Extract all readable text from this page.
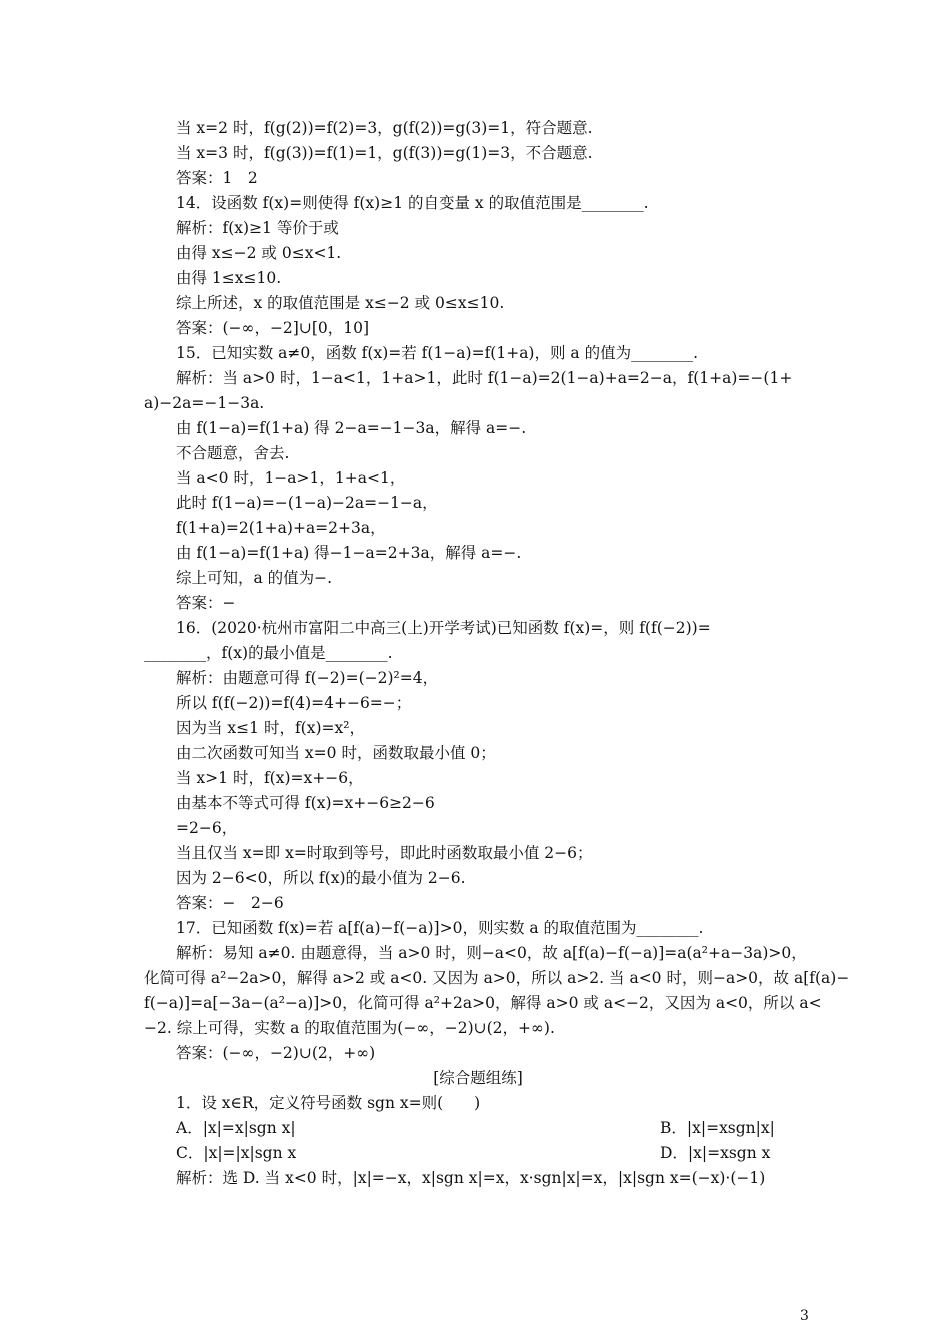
当 x=2 时，f(g(2))=f(2)=3，g(f(2))=g(3)=1，符合题意.
当 x=3 时，f(g(3))=f(1)=1，g(f(3))=g(1)=3，不合题意.
答案：1　2
14．设函数 f(x)=则使得 f(x)≥1 的自变量 x 的取值范围是________.
解析：f(x)≥1 等价于或
由得 x≤−2 或 0≤x<1.
由得 1≤x≤10.
综上所述，x 的取值范围是 x≤−2 或 0≤x≤10.
答案：(−∞，−2]∪[0，10]
15．已知实数 a≠0，函数 f(x)=若 f(1−a)=f(1+a)，则 a 的值为________.
解析：当 a>0 时，1−a<1，1+a>1，此时 f(1−a)=2(1−a)+a=2−a，f(1+a)=−(1+
a)−2a=−1−3a.
由 f(1−a)=f(1+a) 得 2−a=−1−3a，解得 a=−.
不合题意，舍去.
当 a<0 时，1−a>1，1+a<1，
此时 f(1−a)=−(1−a)−2a=−1−a，
f(1+a)=2(1+a)+a=2+3a，
由 f(1−a)=f(1+a) 得−1−a=2+3a，解得 a=−.
综上可知，a 的值为−.
答案：−
16．(2020·杭州市富阳二中高三(上)开学考试)已知函数 f(x)=，则 f(f(−2))=
________，f(x)的最小值是________.
解析：由题意可得 f(−2)=(−2)²=4，
所以 f(f(−2))=f(4)=4+−6=−；
因为当 x≤1 时，f(x)=x²，
由二次函数可知当 x=0 时，函数取最小值 0；
当 x>1 时，f(x)=x+−6，
由基本不等式可得 f(x)=x+−6≥2−6
=2−6，
当且仅当 x=即 x=时取到等号，即此时函数取最小值 2−6；
因为 2−6<0，所以 f(x)的最小值为 2−6.
答案：−　2−6
17．已知函数 f(x)=若 a[f(a)−f(−a)]>0，则实数 a 的取值范围为________.
解析：易知 a≠0. 由题意得，当 a>0 时，则−a<0，故 a[f(a)−f(−a)]=a(a²+a−3a)>0，
化简可得 a²−2a>0，解得 a>2 或 a<0. 又因为 a>0，所以 a>2. 当 a<0 时，则−a>0，故 a[f(a)−
f(−a)]=a[−3a−(a²−a)]>0，化简可得 a²+2a>0，解得 a>0 或 a<−2，又因为 a<0，所以 a<
−2. 综上可得，实数 a 的取值范围为(−∞，−2)∪(2，+∞).
答案：(−∞，−2)∪(2，+∞)
[综合题组练]
1．设 x∈R，定义符号函数 sgn x=则(　　)
A．|x|=x|sgn x|	B．|x|=xsgn|x|
C．|x|=|x|sgn x	D．|x|=xsgn x
解析：选 D. 当 x<0 时，|x|=−x，x|sgn x|=x，x·sgn|x|=x，|x|sgn x=(−x)·(−1)
3
